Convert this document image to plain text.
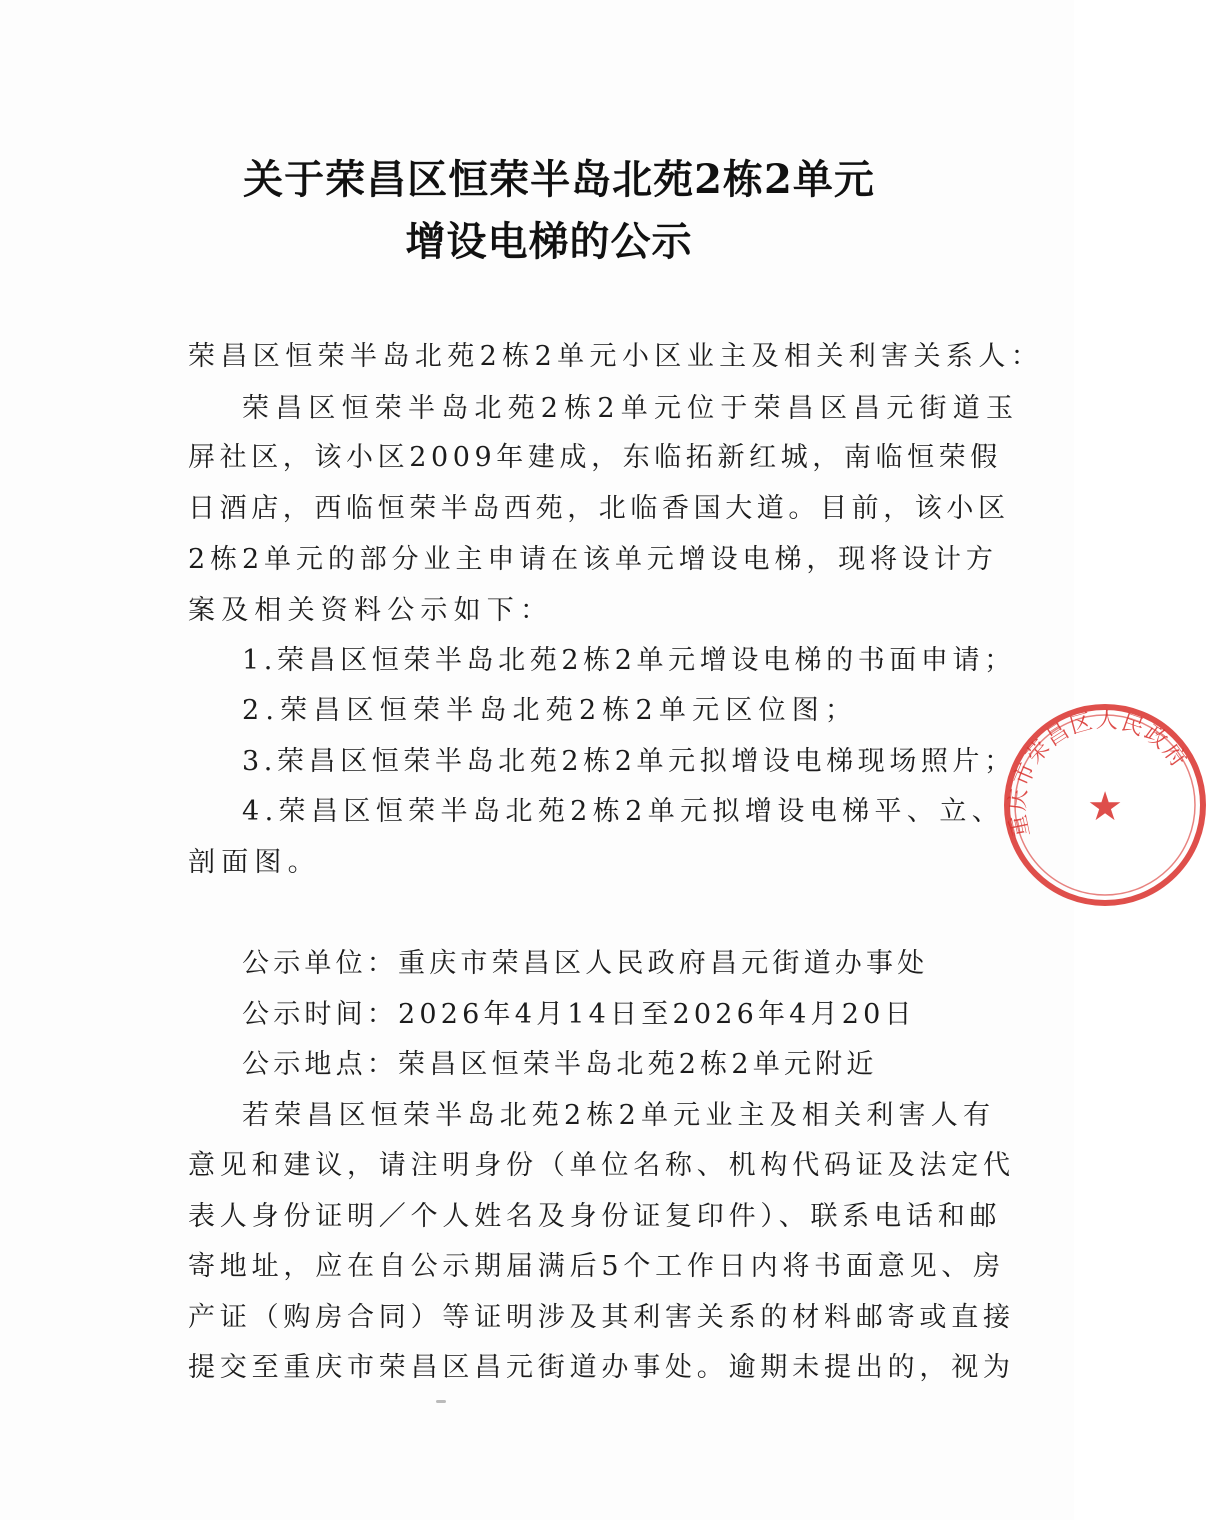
关于荣昌区恒荣半岛北苑2栋2单元
增设电梯的公示
荣昌区恒荣半岛北苑2栋2单元小区业主及相关利害关系人：
荣昌区恒荣半岛北苑2栋2单元位于荣昌区昌元街道玉
屏社区，该小区2009年建成，东临拓新红城，南临恒荣假
日酒店，西临恒荣半岛西苑，北临香国大道。目前，该小区
2栋2单元的部分业主申请在该单元增设电梯，现将设计方
案及相关资料公示如下：
1.荣昌区恒荣半岛北苑2栋2单元增设电梯的书面申请；
2.荣昌区恒荣半岛北苑2栋2单元区位图；
3.荣昌区恒荣半岛北苑2栋2单元拟增设电梯现场照片；
4.荣昌区恒荣半岛北苑2栋2单元拟增设电梯平、立、
剖面图。
公示单位：重庆市荣昌区人民政府昌元街道办事处
公示时间：2026年4月14日至2026年4月20日
公示地点：荣昌区恒荣半岛北苑2栋2单元附近
若荣昌区恒荣半岛北苑2栋2单元业主及相关利害人有
意见和建议，请注明身份（单位名称、机构代码证及法定代
表人身份证明／个人姓名及身份证复印件）、联系电话和邮
寄地址，应在自公示期届满后5个工作日内将书面意见、房
产证（购房合同）等证明涉及其利害关系的材料邮寄或直接
提交至重庆市荣昌区昌元街道办事处。逾期未提出的，视为
重庆市荣昌区人民政府
★
